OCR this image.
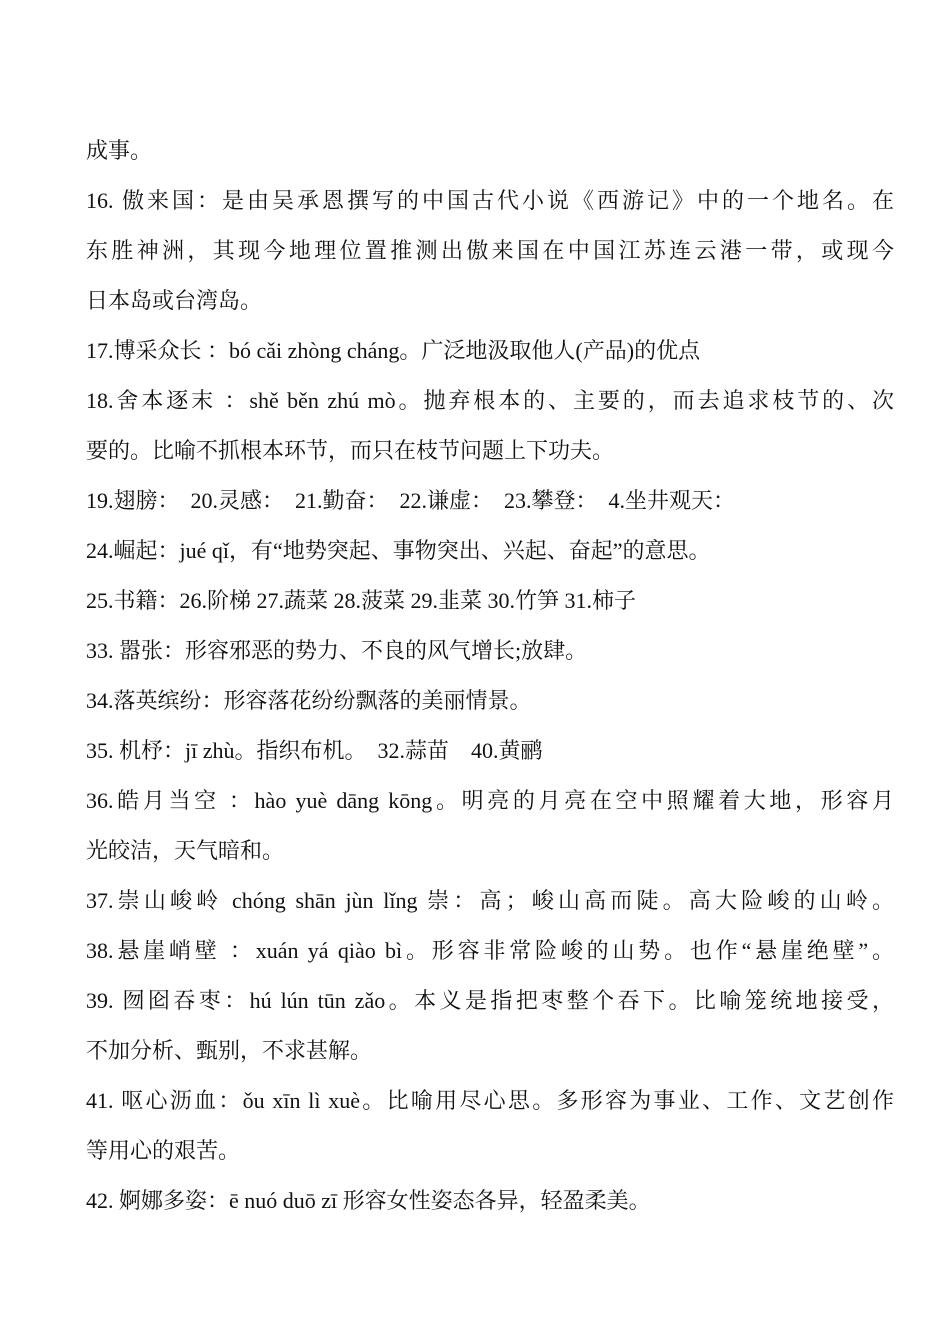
成事。
16. 傲来国：是由吴承恩撰写的中国古代小说《西游记》中的一个地名。在
东胜神洲，其现今地理位置推测出傲来国在中国江苏连云港一带，或现今
日本岛或台湾岛。
17.博采众长 ：bó cǎi zhòng cháng。广泛地汲取他人(产品)的优点
18.舍本逐末 ：shě běn zhú mò。抛弃根本的、主要的，而去追求枝节的、次
要的。比喻不抓根本环节，而只在枝节问题上下功夫。
19.翅膀：　20.灵感：　21.勤奋：　22.谦虚：　23.攀登：　4.坐井观天：
24.崛起：jué qǐ，有“地势突起、事物突出、兴起、奋起”的意思。
25.书籍：26.阶梯 27.蔬菜 28.菠菜 29.韭菜 30.竹笋 31.柿子
33. 嚣张：形容邪恶的势力、不良的风气增长;放肆。
34.落英缤纷：形容落花纷纷飘落的美丽情景。
35. 机杼：jī zhù。指织布机。　32.蒜苗　40.黄鹂
36.皓月当空 ：hào yuè dāng kōng。明亮的月亮在空中照耀着大地，形容月
光皎洁，天气暗和。
37.崇山峻岭 chóng shān jùn lǐng 崇：高；峻山高而陡。高大险峻的山岭。
38.悬崖峭壁 ：xuán yá qiào bì。形容非常险峻的山势。也作“悬崖绝壁”。
39. 囫囵吞枣：hú lún tūn zǎo。本义是指把枣整个吞下。比喻笼统地接受，
不加分析、甄别，不求甚解。
41. 呕心沥血：ǒu xīn lì xuè。比喻用尽心思。多形容为事业、工作、文艺创作
等用心的艰苦。
42. 婀娜多姿：ē nuó duō zī 形容女性姿态各异，轻盈柔美。
